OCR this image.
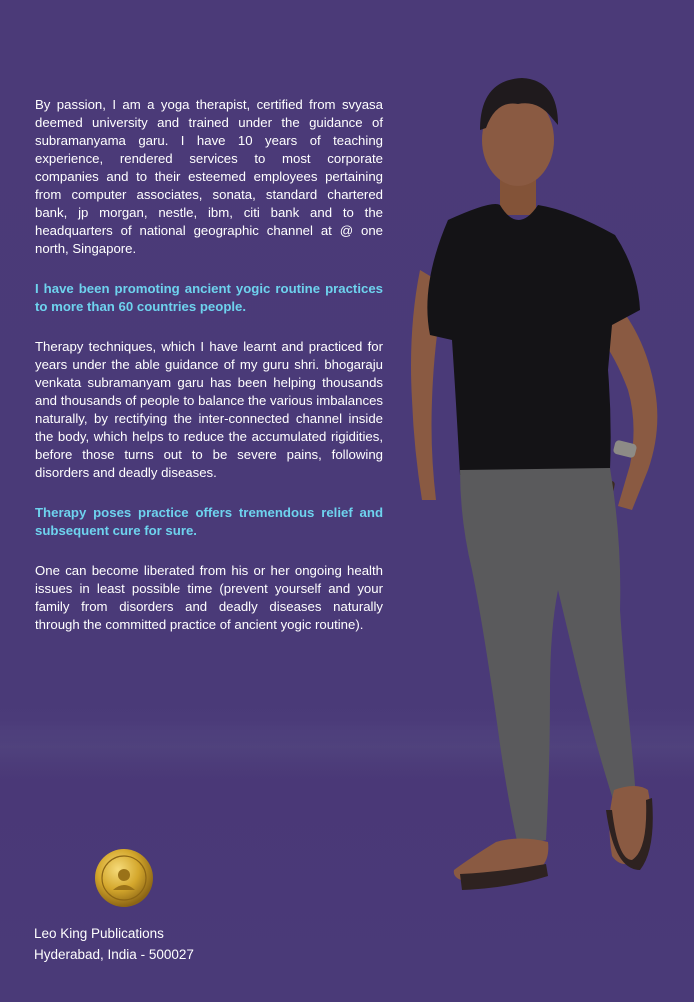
By passion, I am a yoga therapist, certified from svyasa deemed university and trained under the guidance of subramanyama garu. I have 10 years of teaching experience, rendered services to most corporate companies and to their esteemed employees pertaining from computer associates, sonata, standard chartered bank, jp morgan, nestle, ibm, citi bank and to the headquarters of national geographic channel at @ one north, Singapore.

I have been promoting ancient yogic routine practices to more than 60 countries people.

Therapy techniques, which I have learnt and practiced for years under the able guidance of my guru shri. bhogaraju venkata subramanyam garu has been helping thousands and thousands of people to balance the various imbalances naturally, by rectifying the inter-connected channel inside the body, which helps to reduce the accumulated rigidities, before those turns out to be severe pains, following disorders and deadly diseases.

Therapy poses practice offers tremendous relief and subsequent cure for sure.

One can become liberated from his or her ongoing health issues in least possible time (prevent yourself and your family from disorders and deadly diseases naturally through the committed practice of ancient yogic routine).

Leo King Publications
Hyderabad, India - 500027
